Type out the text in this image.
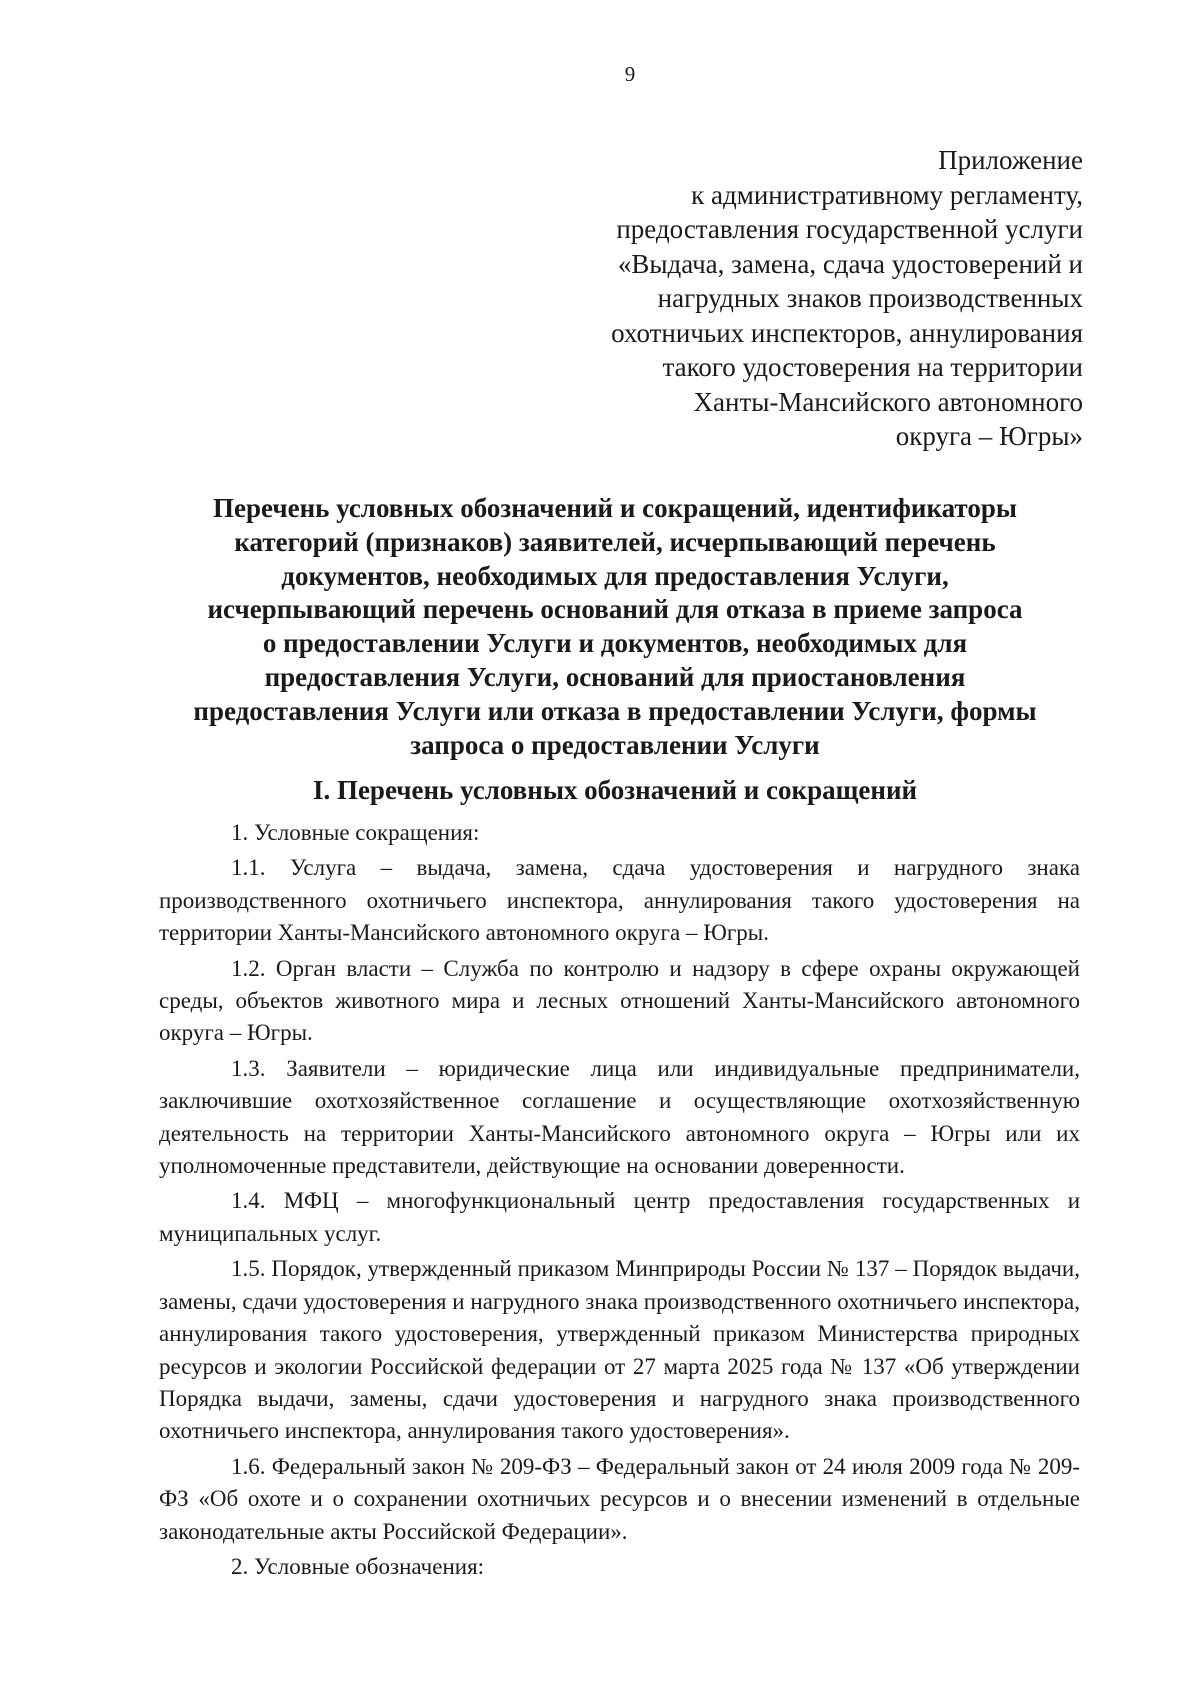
9
Приложение
к административному регламенту,
предоставления государственной услуги
«Выдача, замена, сдача удостоверений и
нагрудных знаков производственных
охотничьих инспекторов, аннулирования
такого удостоверения на территории
Ханты-Мансийского автономного
округа – Югры»
Перечень условных обозначений и сокращений, идентификаторы
категорий (признаков) заявителей, исчерпывающий перечень
документов, необходимых для предоставления Услуги,
исчерпывающий перечень оснований для отказа в приеме запроса
о предоставлении Услуги и документов, необходимых для
предоставления Услуги, оснований для приостановления
предоставления Услуги или отказа в предоставлении Услуги, формы
запроса о предоставлении Услуги
I. Перечень условных обозначений и сокращений

1. Условные сокращения:

1.1. Услуга – выдача, замена, сдача удостоверения и нагрудного знака производственного охотничьего инспектора, аннулирования такого удостоверения на территории Ханты-Мансийского автономного округа – Югры.

1.2. Орган власти – Служба по контролю и надзору в сфере охраны окружающей среды, объектов животного мира и лесных отношений Ханты-Мансийского автономного округа – Югры.

1.3. Заявители – юридические лица или индивидуальные предприниматели, заключившие охотхозяйственное соглашение и осуществляющие охотхозяйственную деятельность на территории Ханты-Мансийского автономного округа – Югры или их уполномоченные представители, действующие на основании доверенности.

1.4. МФЦ – многофункциональный центр предоставления государственных и муниципальных услуг.

1.5. Порядок, утвержденный приказом Минприроды России № 137 – Порядок выдачи, замены, сдачи удостоверения и нагрудного знака производственного охотничьего инспектора, аннулирования такого удостоверения, утвержденный приказом Министерства природных ресурсов и экологии Российской федерации от 27 марта 2025 года № 137 «Об утверждении Порядка выдачи, замены, сдачи удостоверения и нагрудного знака производственного охотничьего инспектора, аннулирования такого удостоверения».

1.6. Федеральный закон № 209-ФЗ – Федеральный закон от 24 июля 2009 года № 209-ФЗ «Об охоте и о сохранении охотничьих ресурсов и о внесении изменений в отдельные законодательные акты Российской Федерации».

2. Условные обозначения:
